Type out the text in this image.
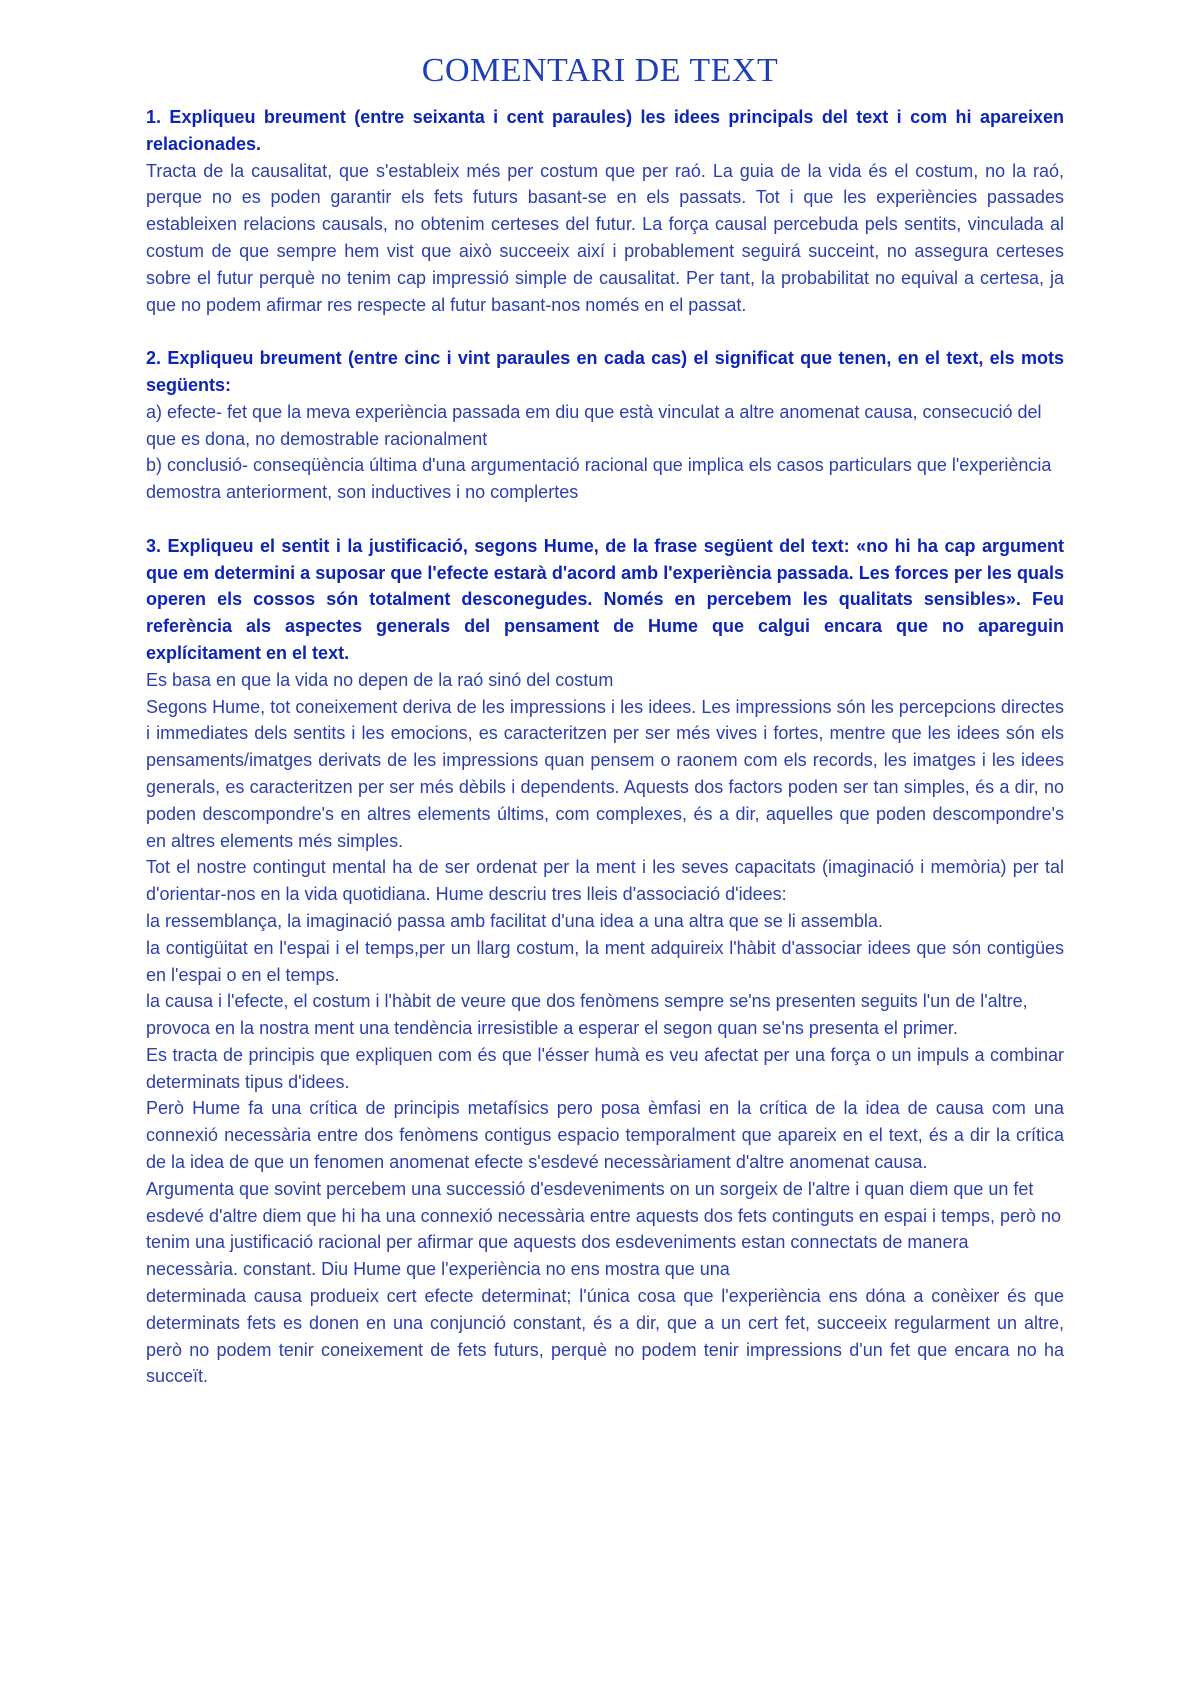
COMENTARI DE TEXT
1. Expliqueu breument (entre seixanta i cent paraules) les idees principals del text i com hi apareixen relacionades.
Tracta de la causalitat, que s'estableix més per costum que per raó. La guia de la vida és el costum, no la raó, perque no es poden garantir els fets futurs basant-se en els passats. Tot i que les experiències passades estableixen relacions causals, no obtenim certeses del futur. La força causal percebuda pels sentits, vinculada al costum de que sempre hem vist que això succeeix així i probablement seguirá succeint, no assegura certeses sobre el futur perquè no tenim cap impressió simple de causalitat. Per tant, la probabilitat no equival a certesa, ja que no podem afirmar res respecte al futur basant-nos només en el passat.
2. Expliqueu breument (entre cinc i vint paraules en cada cas) el significat que tenen, en el text, els mots següents:
a) efecte- fet que la meva experiència passada em diu que està vinculat a altre anomenat causa, consecució del que es dona, no demostrable racionalment
b) conclusió- conseqüència última d'una argumentació racional que implica els casos particulars que l'experiència demostra anteriorment, son inductives i no complertes
3. Expliqueu el sentit i la justificació, segons Hume, de la frase següent del text: «no hi ha cap argument que em determini a suposar que l'efecte estarà d'acord amb l'experiència passada. Les forces per les quals operen els cossos són totalment desconegudes. Només en percebem les qualitats sensibles». Feu referència als aspectes generals del pensament de Hume que calgui encara que no apareguin explícitament en el text.
Es basa en que la vida no depen de la raó sinó del costum
Segons Hume, tot coneixement deriva de les impressions i les idees. Les impressions són les percepcions directes i immediates dels sentits i les emocions, es caracteritzen per ser més vives i fortes, mentre que les idees són els pensaments/imatges derivats de les impressions quan pensem o raonem com els records, les imatges i les idees generals, es caracteritzen per ser més dèbils i dependents. Aquests dos factors poden ser tan simples, és a dir, no poden descompondre's en altres elements últims, com complexes, és a dir, aquelles que poden descompondre's en altres elements més simples.
Tot el nostre contingut mental ha de ser ordenat per la ment i les seves capacitats (imaginació i memòria) per tal d'orientar-nos en la vida quotidiana. Hume descriu tres lleis d'associació d'idees:
la ressemblança, la imaginació passa amb facilitat d'una idea a una altra que se li assembla.
la contigüitat en l'espai i el temps,per un llarg costum, la ment adquireix l'hàbit d'associar idees que són contigües en l'espai o en el temps.
la causa i l'efecte, el costum i l'hàbit de veure que dos fenòmens sempre se'ns presenten seguits l'un de l'altre, provoca en la nostra ment una tendència irresistible a esperar el segon quan se'ns presenta el primer.
Es tracta de principis que expliquen com és que l'ésser humà es veu afectat per una força o un impuls a combinar determinats tipus d'idees.
Però Hume fa una crítica de principis metafísics pero posa èmfasi en la crítica de la idea de causa com una connexió necessària entre dos fenòmens contigus espacio temporalment que apareix en el text, és a dir la crítica de la idea de que un fenomen anomenat efecte s'esdevé necessàriament d'altre anomenat causa.
Argumenta que sovint percebem una successió d'esdeveniments on un sorgeix de l'altre i quan diem que un fet esdevé d'altre diem que hi ha una connexió necessària entre aquests dos fets continguts en espai i temps, però no tenim una justificació racional per afirmar que aquests dos esdeveniments estan connectats de manera necessària. constant. Diu Hume que l'experiència no ens mostra que una
determinada causa produeix cert efecte determinat; l'única cosa que l'experiència ens dóna a conèixer és que determinats fets es donen en una conjunció constant, és a dir, que a un cert fet, succeeix regularment un altre, però no podem tenir coneixement de fets futurs, perquè no podem tenir impressions d'un fet que encara no ha succeït.
